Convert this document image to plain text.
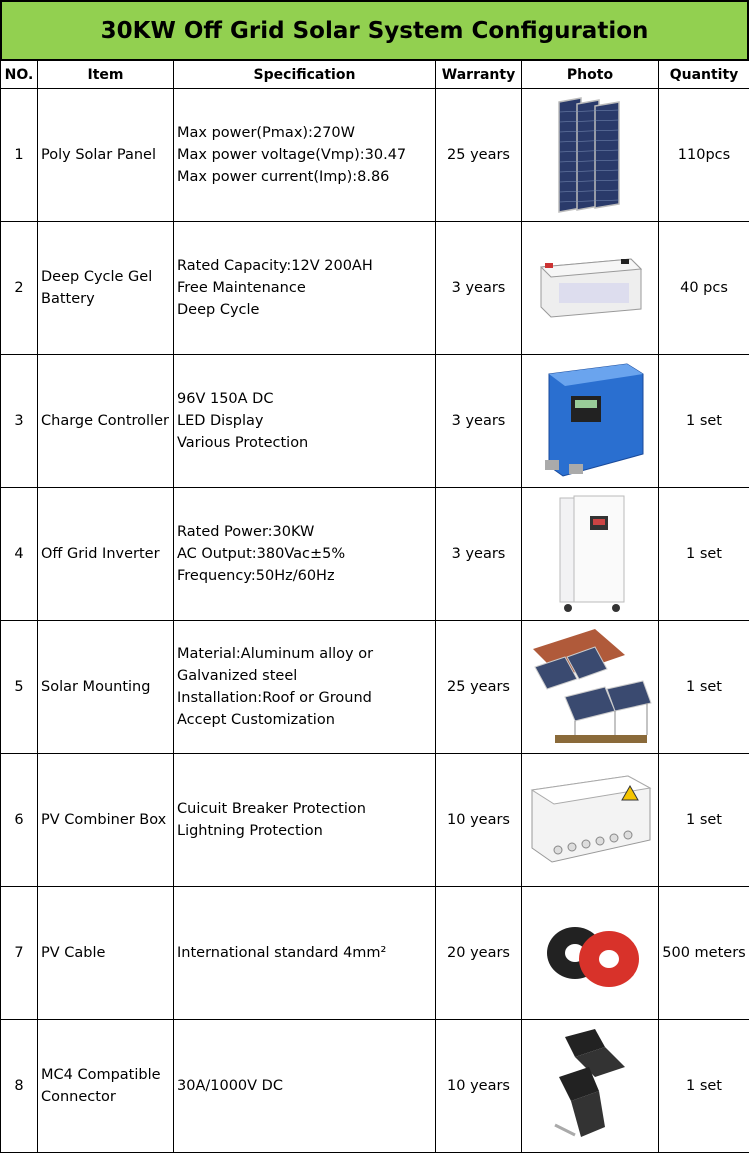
30KW Off Grid Solar System Configuration
NO.	Item	Specification	Warranty	Photo	Quantity
1	Poly Solar Panel	Max power(Pmax):270W
Max power voltage(Vmp):30.47
Max power current(Imp):8.86	25 years		110pcs
2	Deep Cycle Gel Battery	Rated Capacity:12V 200AH
Free Maintenance
Deep Cycle	3 years		40 pcs
3	Charge Controller	96V 150A DC
LED Display
Various Protection	3 years		1 set
4	Off Grid Inverter	Rated Power:30KW
AC Output:380Vac±5%
Frequency:50Hz/60Hz	3 years		1 set
5	Solar Mounting	Material:Aluminum alloy or
Galvanized steel
Installation:Roof or Ground
Accept Customization	25 years		1 set
6	PV Combiner Box	Cuicuit Breaker Protection
Lightning Protection	10 years		1 set
7	PV Cable	International standard 4mm²	20 years		500 meters
8	MC4 Compatible Connector	30A/1000V DC	10 years		1 set
